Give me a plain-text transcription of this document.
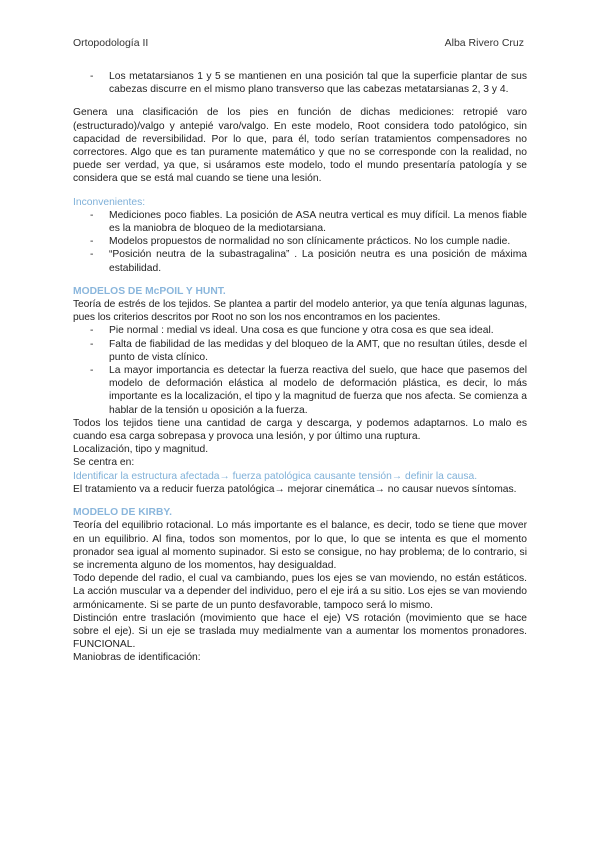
Ortopodología II	Alba Rivero Cruz
- Los metatarsianos 1 y 5 se mantienen en una posición tal que la superficie plantar de sus cabezas discurre en el mismo plano transverso que las cabezas metatarsianas 2, 3 y 4.

Genera una clasificación de los pies en función de dichas mediciones: retropié varo (estructurado)/valgo y antepié varo/valgo. En este modelo, Root considera todo patológico, sin capacidad de reversibilidad. Por lo que, para él, todo serían tratamientos compensadores no correctores. Algo que es tan puramente matemático y que no se corresponde con la realidad, no puede ser verdad, ya que, si usáramos este modelo, todo el mundo presentaría patología y se considera que se está mal cuando se tiene una lesión.

Inconvenientes:

- Mediciones poco fiables. La posición de ASA neutra vertical es muy difícil. La menos fiable es la maniobra de bloqueo de la mediotarsiana.
- Modelos propuestos de normalidad no son clínicamente prácticos. No los cumple nadie.
- “Posición neutra de la subastragalina” . La posición neutra es una posición de máxima estabilidad.

MODELOS DE McPOIL Y HUNT.

Teoría de estrés de los tejidos. Se plantea a partir del modelo anterior, ya que tenía algunas lagunas, pues los criterios descritos por Root no son los nos encontramos en los pacientes.

- Pie normal : medial vs ideal. Una cosa es que funcione y otra cosa es que sea ideal.
- Falta de fiabilidad de las medidas y del bloqueo de la AMT, que no resultan útiles, desde el punto de vista clínico.
- La mayor importancia es detectar la fuerza reactiva del suelo, que hace que pasemos del modelo de deformación elástica al modelo de deformación plástica, es decir, lo más importante es la localización, el tipo y la magnitud de fuerza que nos afecta. Se comienza a hablar de la tensión u oposición a la fuerza.

Todos los tejidos tiene una cantidad de carga y descarga, y podemos adaptarnos. Lo malo es cuando esa carga sobrepasa y provoca una lesión, y por último una ruptura.

Localización, tipo y magnitud.

Se centra en:

Identificar la estructura afectada→ fuerza patológica causante tensión→ definir la causa.

El tratamiento va a reducir fuerza patológica→ mejorar cinemática→ no causar nuevos síntomas.

MODELO DE KIRBY.

Teoría del equilibrio rotacional. Lo más importante es el balance, es decir, todo se tiene que mover en un equilibrio. Al fina, todos son momentos, por lo que, lo que se intenta es que el momento pronador sea igual al momento supinador. Si esto se consigue, no hay problema; de lo contrario, si se incrementa alguno de los momentos, hay desigualdad.

Todo depende del radio, el cual va cambiando, pues los ejes se van moviendo, no están estáticos. La acción muscular va a depender del individuo, pero el eje irá a su sitio. Los ejes se van moviendo armónicamente. Si se parte de un punto desfavorable, tampoco será lo mismo.

Distinción entre traslación (movimiento que hace el eje) VS rotación (movimiento que se hace sobre el eje). Si un eje se traslada muy medialmente van a aumentar los momentos pronadores. FUNCIONAL.

Maniobras de identificación:
